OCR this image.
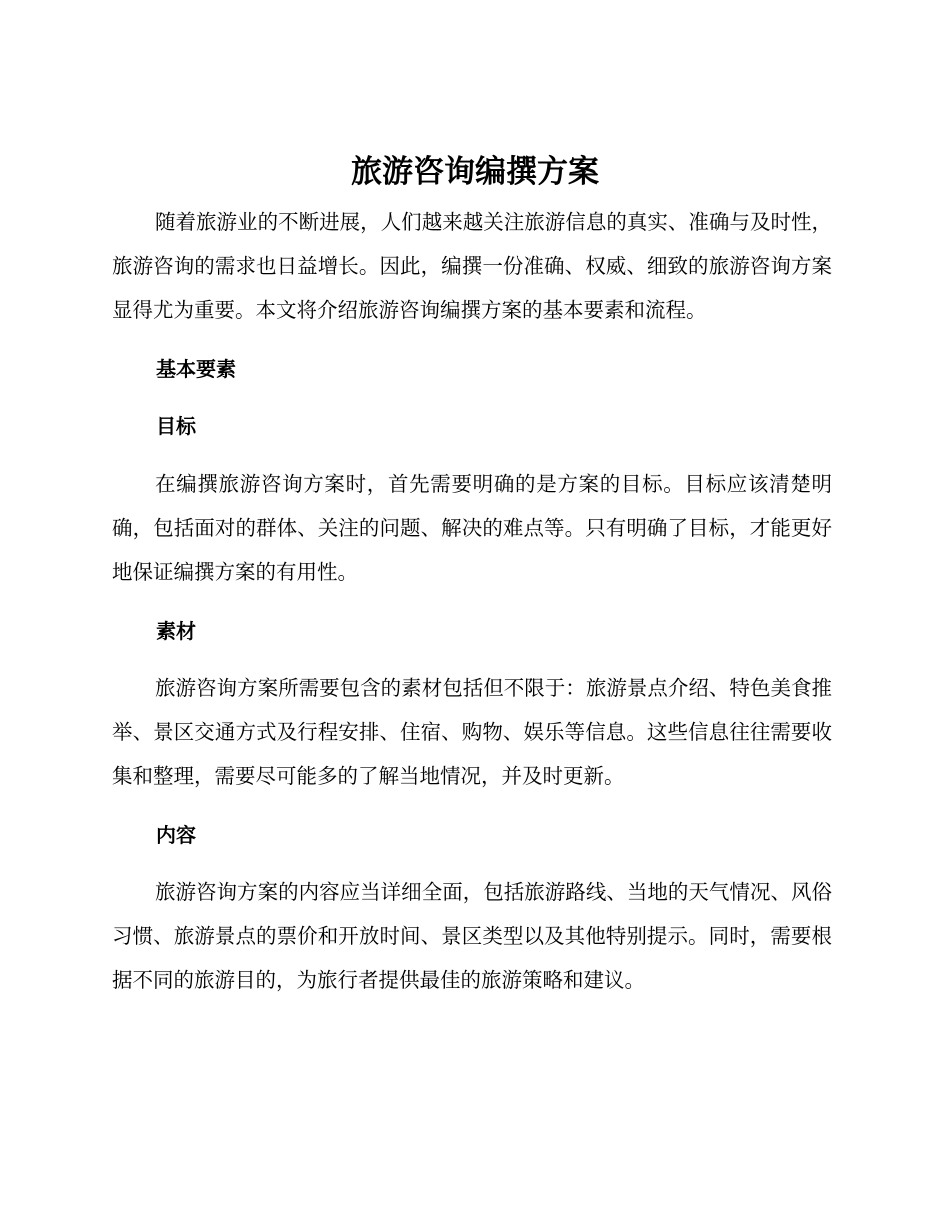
旅游咨询编撰方案

随着旅游业的不断进展，人们越来越关注旅游信息的真实、准确与及时性，旅游咨询的需求也日益增长。因此，编撰一份准确、权威、细致的旅游咨询方案显得尤为重要。本文将介绍旅游咨询编撰方案的基本要素和流程。

基本要素
目标

在编撰旅游咨询方案时，首先需要明确的是方案的目标。目标应该清楚明确，包括面对的群体、关注的问题、解决的难点等。只有明确了目标，才能更好地保证编撰方案的有用性。

素材

旅游咨询方案所需要包含的素材包括但不限于：旅游景点介绍、特色美食推举、景区交通方式及行程安排、住宿、购物、娱乐等信息。这些信息往往需要收集和整理，需要尽可能多的了解当地情况，并及时更新。

内容

旅游咨询方案的内容应当详细全面，包括旅游路线、当地的天气情况、风俗习惯、旅游景点的票价和开放时间、景区类型以及其他特别提示。同时，需要根据不同的旅游目的，为旅行者提供最佳的旅游策略和建议。
